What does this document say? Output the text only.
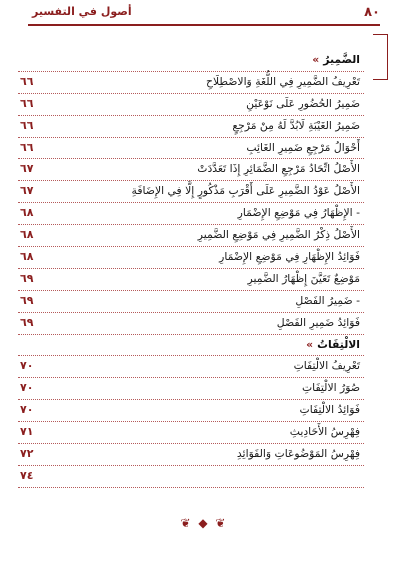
٨٠
أصول في التفسير
الضَّمِيرُ »
تَعْرِيفُ الضَّمِيرِ فِي اللُّغَةِ وَالاصْطِلَاحِ
٦٦
ضَمِيرُ الحُضُورِ عَلَى نَوْعَيْنِ
٦٦
ضَمِيرُ الغَيْبَةِ لَابُدَّ لَهُ مِنْ مَرْجِعٍ
٦٦
أَحْوَالُ مَرْجِعِ ضَمِيرِ الغَائِبِ
٦٦
الأَصْلُ اتِّحَادُ مَرْجِعِ الضَّمَائِرِ إِذَا تَعَدَّدَتْ
٦٧
الأَصْلُ عَوْدُ الضَّمِيرِ عَلَى أَقْرَبِ مَذْكُورٍ إِلَّا فِي الإِضَافَةِ
٦٧
- الإِظْهَارُ فِي مَوْضِعِ الإِضْمَارِ
٦٨
الأَصْلُ ذِكْرُ الضَّمِيرِ فِي مَوْضِعِ الضَّمِيرِ
٦٨
فَوَائِدُ الإِظْهَارِ فِي مَوْضِعِ الإِضْمَارِ
٦٨
مَوْضِعٌ تَعَيَّنَ إِظْهَارُ الضَّمِيرِ
٦٩
- ضَمِيرُ الفَصْلِ
٦٩
فَوَائِدُ ضَمِيرِ الفَصْلِ
٦٩
الالْتِفَاتُ »
تَعْرِيفُ الالْتِفَاتِ
٧٠
صُوَرُ الالْتِفَاتِ
٧٠
فَوَائِدُ الالْتِفَاتِ
٧٠
فِهْرِسُ الأَحَادِيثِ
٧١
فِهْرِسُ المَوْضُوعَاتِ وَالفَوَائِدِ
٧٢
٧٤
❦ ◆ ❦
